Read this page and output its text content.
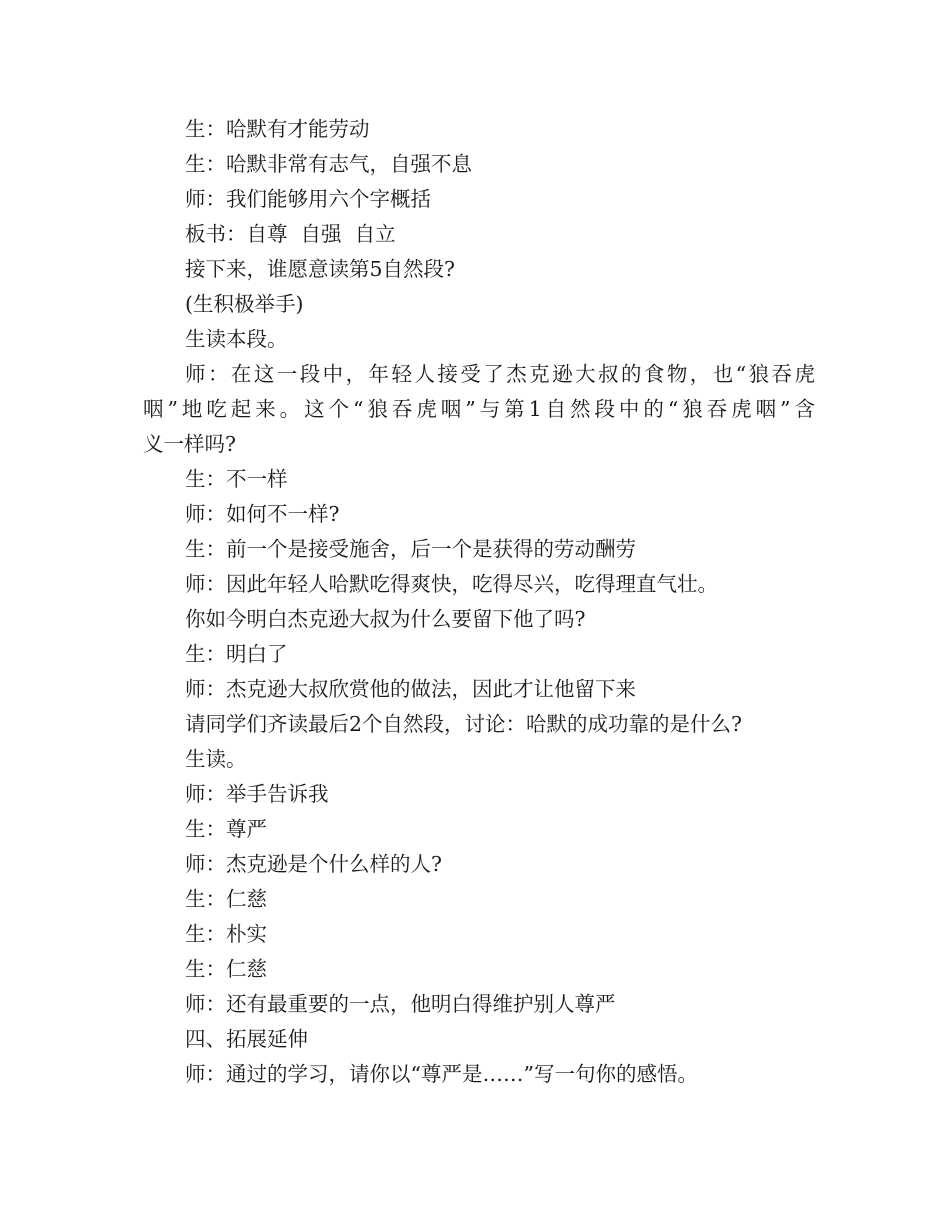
生：哈默有才能劳动
生：哈默非常有志气，自强不息
师：我们能够用六个字概括
板书：自尊  自强  自立
接下来，谁愿意读第5自然段?
(生积极举手)
生读本段。
师：在这一段中，年轻人接受了杰克逊大叔的食物，也“狼吞虎
咽”地吃起来。这个“狼吞虎咽”与第1自然段中的“狼吞虎咽”含
义一样吗?
生：不一样
师：如何不一样?
生：前一个是接受施舍，后一个是获得的劳动酬劳
师：因此年轻人哈默吃得爽快，吃得尽兴，吃得理直气壮。
你如今明白杰克逊大叔为什么要留下他了吗?
生：明白了
师：杰克逊大叔欣赏他的做法，因此才让他留下来
请同学们齐读最后2个自然段，讨论：哈默的成功靠的是什么?
生读。
师：举手告诉我
生：尊严
师：杰克逊是个什么样的人?
生：仁慈
生：朴实
生：仁慈
师：还有最重要的一点，他明白得维护别人尊严
四、拓展延伸
师：通过的学习，请你以“尊严是……”写一句你的感悟。
